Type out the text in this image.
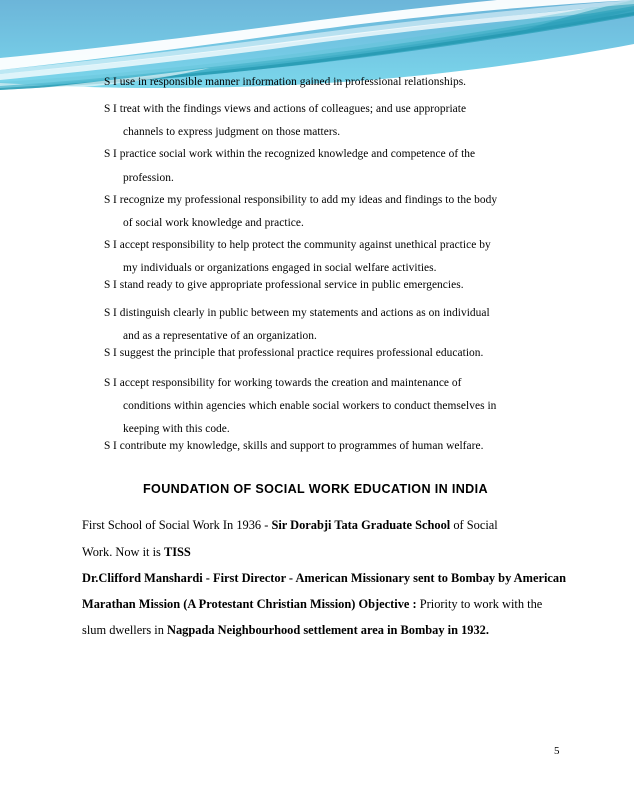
S I use in responsible manner information gained in professional relationships.
S I treat with the findings views and actions of colleagues; and use appropriate
channels to express judgment on those matters.
S I practice social work within the recognized knowledge and competence of the
profession.
S I recognize my professional responsibility to add my ideas and findings to the body
of social work knowledge and practice.
S I accept responsibility to help protect the community against unethical practice by
my individuals or organizations engaged in social welfare activities.
S I stand ready to give appropriate professional service in public emergencies.
S I distinguish clearly in public between my statements and actions as on individual
and as a representative of an organization.
S I suggest the principle that professional practice requires professional education.
S I accept responsibility for working towards the creation and maintenance of
conditions within agencies which enable social workers to conduct themselves in
keeping with this code.
S I contribute my knowledge, skills and support to programmes of human welfare.
FOUNDATION OF SOCIAL WORK EDUCATION IN INDIA
First School of Social Work In 1936 - Sir Dorabji Tata Graduate School of Social
Work. Now it is TISS
Dr.Clifford Manshardi - First Director - American Missionary sent to Bombay by American
Marathan Mission (A Protestant Christian Mission) Objective : Priority to work with the
slum dwellers in Nagpada Neighbourhood settlement area in Bombay in 1932.
5
